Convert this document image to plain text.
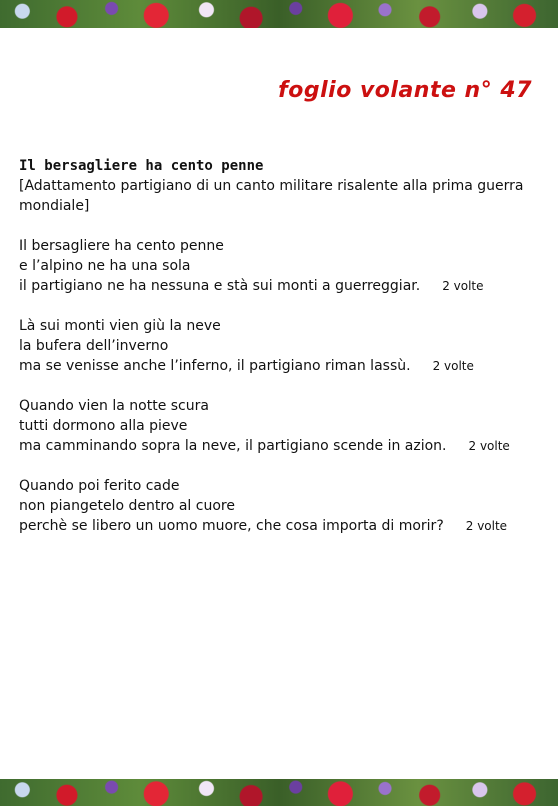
foglio volante n° 47

Il bersagliere ha cento penne

[Adattamento partigiano di un canto militare risalente alla prima guerra mondiale]

Il bersagliere ha cento penne
e l’alpino ne ha una sola
il partigiano ne ha nessuna e stà sui monti a guerreggiar. 2 volte
Là sui monti vien giù la neve
la bufera dell’inverno
ma se venisse anche l’inferno, il partigiano riman lassù. 2 volte
Quando vien la notte scura
tutti dormono alla pieve
ma camminando sopra la neve, il partigiano scende in azion. 2 volte
Quando poi ferito cade
non piangetelo dentro al cuore
perchè se libero un uomo muore, che cosa importa di morir? 2 volte
